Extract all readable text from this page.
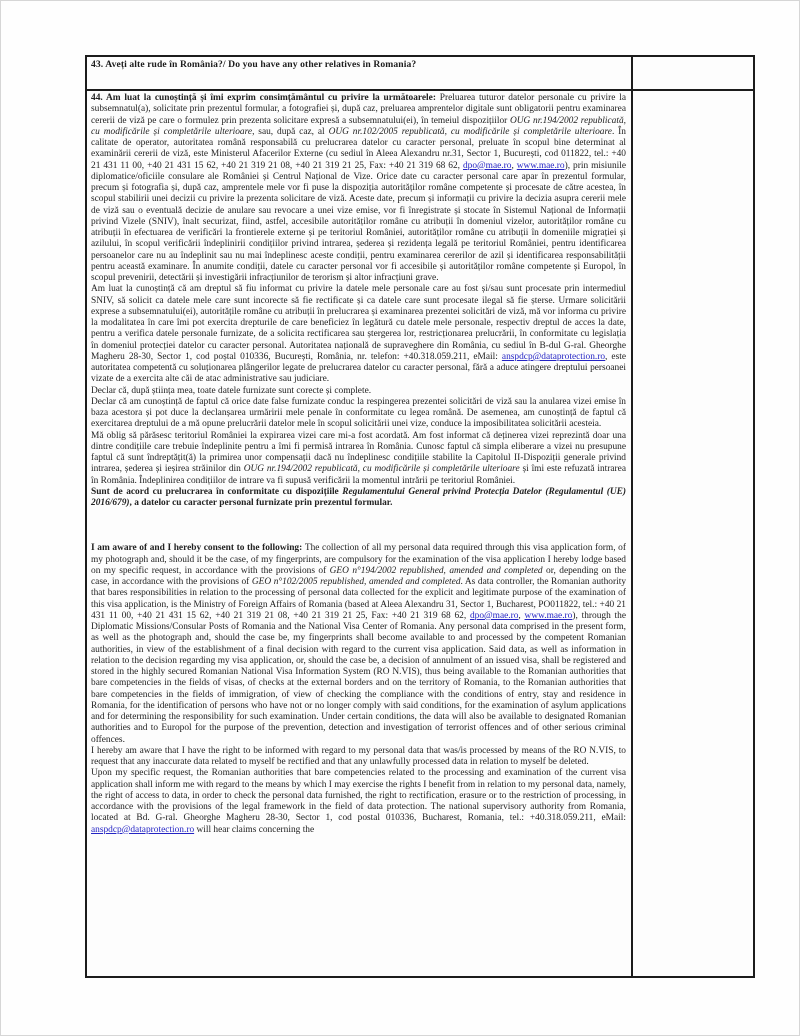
43. Aveți alte rude în România?/ Do you have any other relatives in Romania?

44. Am luat la cunoștință și îmi exprim consimțământul cu privire la următoarele: Preluarea tuturor datelor personale cu privire la subsemnatul(a), solicitate prin prezentul formular, a fotografiei și, după caz, preluarea amprentelor digitale sunt obligatorii pentru examinarea cererii de viză pe care o formulez prin prezenta solicitare expresă a subsemnatului(ei), în temeiul dispozițiilor OUG nr.194/2002 republicată, cu modificările și completările ulterioare, sau, după caz, al OUG nr.102/2005 republicată, cu modificările și completările ulterioare. În calitate de operator, autoritatea română responsabilă cu prelucrarea datelor cu caracter personal, preluate în scopul bine determinat al examinării cererii de viză, este Ministerul Afacerilor Externe (cu sediul în Aleea Alexandru nr.31, Sector 1, București, cod 011822, tel.: +40 21 431 11 00, +40 21 431 15 62, +40 21 319 21 08, +40 21 319 21 25, Fax: +40 21 319 68 62, dpo@mae.ro, www.mae.ro), prin misiunile diplomatice/oficiile consulare ale României și Centrul Național de Vize. Orice date cu caracter personal care apar în prezentul formular, precum și fotografia și, după caz, amprentele mele vor fi puse la dispoziția autorităților române competente și procesate de către acestea, în scopul stabilirii unei decizii cu privire la prezenta solicitare de viză. Aceste date, precum și informații cu privire la decizia asupra cererii mele de viză sau o eventuală decizie de anulare sau revocare a unei vize emise, vor fi înregistrate și stocate în Sistemul Național de Informații privind Vizele (SNIV), înalt securizat, fiind, astfel, accesibile autorităților române cu atribuții în domeniul vizelor, autorităților române cu atribuții în efectuarea de verificări la frontierele externe și pe teritoriul României, autorităților române cu atribuții în domeniile migrației și azilului, în scopul verificării îndeplinirii condițiilor privind intrarea, șederea și rezidența legală pe teritoriul României, pentru identificarea persoanelor care nu au îndeplinit sau nu mai îndeplinesc aceste condiții, pentru examinarea cererilor de azil și identificarea responsabilității pentru această examinare. În anumite condiții, datele cu caracter personal vor fi accesibile și autorităților române competente și Europol, în scopul prevenirii, detectării și investigării infracțiunilor de terorism și altor infracțiuni grave.

Am luat la cunoștință că am dreptul să fiu informat cu privire la datele mele personale care au fost și/sau sunt procesate prin intermediul SNIV, să solicit ca datele mele care sunt incorecte să fie rectificate și ca datele care sunt procesate ilegal să fie șterse. Urmare solicitării exprese a subsemnatului(ei), autoritățile române cu atribuții în prelucrarea și examinarea prezentei solicitări de viză, mă vor informa cu privire la modalitatea în care îmi pot exercita drepturile de care beneficiez în legătură cu datele mele personale, respectiv dreptul de acces la date, pentru a verifica datele personale furnizate, de a solicita rectificarea sau ștergerea lor, restricționarea prelucrării, în conformitate cu legislația în domeniul protecției datelor cu caracter personal. Autoritatea națională de supraveghere din România, cu sediul în B-dul G-ral. Gheorghe Magheru 28-30, Sector 1, cod poștal 010336, București, România, nr. telefon: +40.318.059.211, eMail: anspdcp@dataprotection.ro, este autoritatea competentă cu soluționarea plângerilor legate de prelucrarea datelor cu caracter personal, fără a aduce atingere dreptului persoanei vizate de a exercita alte căi de atac administrative sau judiciare.

Declar că, după știința mea, toate datele furnizate sunt corecte și complete.

Declar că am cunoștință de faptul că orice date false furnizate conduc la respingerea prezentei solicitări de viză sau la anularea vizei emise în baza acestora și pot duce la declanșarea urmăririi mele penale în conformitate cu legea română. De asemenea, am cunoștință de faptul că exercitarea dreptului de a mă opune prelucrării datelor mele în scopul solicitării unei vize, conduce la imposibilitatea solicitării acesteia.

Mă oblig să părăsesc teritoriul României la expirarea vizei care mi-a fost acordată. Am fost informat că deținerea vizei reprezintă doar una dintre condițiile care trebuie îndeplinite pentru a îmi fi permisă intrarea în România. Cunosc faptul că simpla eliberare a vizei nu presupune faptul că sunt îndreptățit(ă) la primirea unor compensații dacă nu îndeplinesc condițiile stabilite la Capitolul II-Dispoziții generale privind intrarea, șederea și ieșirea străinilor din OUG nr.194/2002 republicată, cu modificările și completările ulterioare și îmi este refuzată intrarea în România. Îndeplinirea condițiilor de intrare va fi supusă verificării la momentul intrării pe teritoriul României.

Sunt de acord cu prelucrarea în conformitate cu dispozițiile Regulamentului General privind Protecția Datelor (Regulamentul (UE) 2016/679), a datelor cu caracter personal furnizate prin prezentul formular.

I am aware of and I hereby consent to the following: The collection of all my personal data required through this visa application form, of my photograph and, should it be the case, of my fingerprints, are compulsory for the examination of the visa application I hereby lodge based on my specific request, in accordance with the provisions of GEO n°194/2002 republished, amended and completed or, depending on the case, in accordance with the provisions of GEO n°102/2005 republished, amended and completed. As data controller, the Romanian authority that bares responsibilities in relation to the processing of personal data collected for the explicit and legitimate purpose of the examination of this visa application, is the Ministry of Foreign Affairs of Romania (based at Aleea Alexandru 31, Sector 1, Bucharest, PO011822, tel.: +40 21 431 11 00, +40 21 431 15 62, +40 21 319 21 08, +40 21 319 21 25, Fax: +40 21 319 68 62, dpo@mae.ro, www.mae.ro), through the Diplomatic Missions/Consular Posts of Romania and the National Visa Center of Romania. Any personal data comprised in the present form, as well as the photograph and, should the case be, my fingerprints shall become available to and processed by the competent Romanian authorities, in view of the establishment of a final decision with regard to the current visa application. Said data, as well as information in relation to the decision regarding my visa application, or, should the case be, a decision of annulment of an issued visa, shall be registered and stored in the highly secured Romanian National Visa Information System (RO N.VIS), thus being available to the Romanian authorities that bare competencies in the fields of visas, of checks at the external borders and on the territory of Romania, to the Romanian authorities that bare competencies in the fields of immigration, of view of checking the compliance with the conditions of entry, stay and residence in Romania, for the identification of persons who have not or no longer comply with said conditions, for the examination of asylum applications and for determining the responsibility for such examination. Under certain conditions, the data will also be available to designated Romanian authorities and to Europol for the purpose of the prevention, detection and investigation of terrorist offences and of other serious criminal offences.

I hereby am aware that I have the right to be informed with regard to my personal data that was/is processed by means of the RO N.VIS, to request that any inaccurate data related to myself be rectified and that any unlawfully processed data in relation to myself be deleted.

Upon my specific request, the Romanian authorities that bare competencies related to the processing and examination of the current visa application shall inform me with regard to the means by which I may exercise the rights I benefit from in relation to my personal data, namely, the right of access to data, in order to check the personal data furnished, the right to rectification, erasure or to the restriction of processing, in accordance with the provisions of the legal framework in the field of data protection. The national supervisory authority from Romania, located at Bd. G-ral. Gheorghe Magheru 28-30, Sector 1, cod postal 010336, Bucharest, Romania, tel.: +40.318.059.211, eMail: anspdcp@dataprotection.ro will hear claims concerning the
